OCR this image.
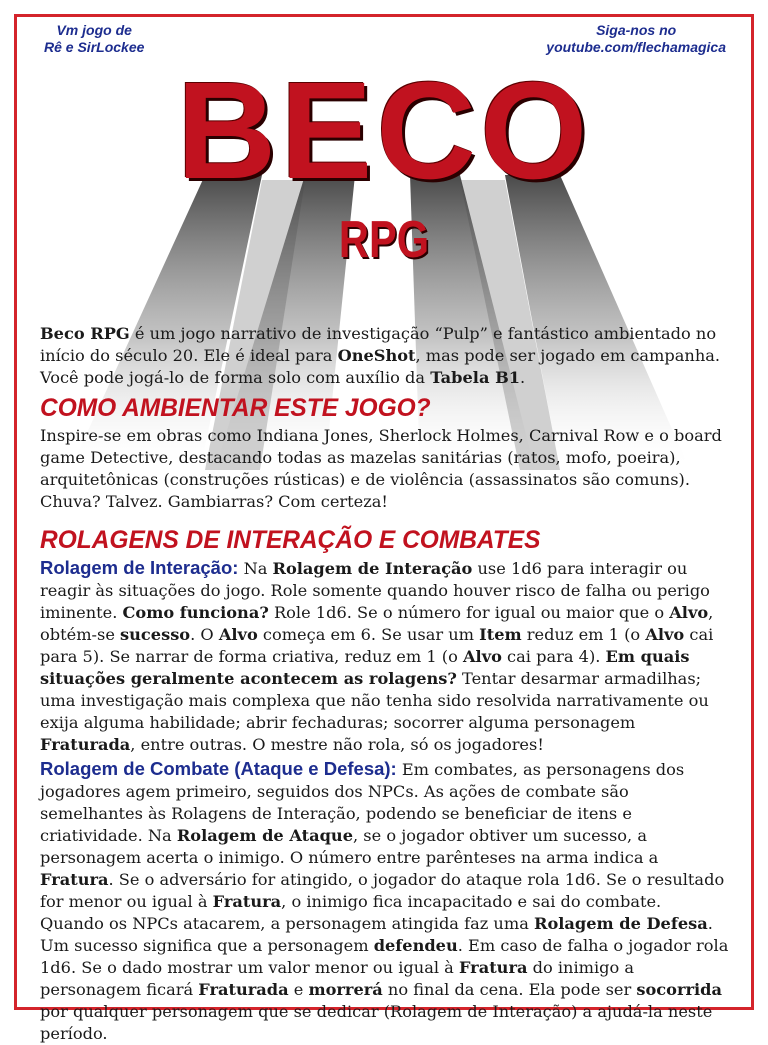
Vm jogo de
Rê e SirLockee
Siga-nos no
youtube.com/flechamagica
BECO
RPG

Beco RPG é um jogo narrativo de investigação “Pulp” e fantástico ambientado no início do século 20. Ele é ideal para OneShot, mas pode ser jogado em campanha. Você pode jogá-lo de forma solo com auxílio da Tabela B1.

COMO AMBIENTAR ESTE JOGO?

Inspire-se em obras como Indiana Jones, Sherlock Holmes, Carnival Row e o board game Detective, destacando todas as mazelas sanitárias (ratos, mofo, poeira), arquitetônicas (construções rústicas) e de violência (assassinatos são comuns). Chuva? Talvez. Gambiarras? Com certeza!

ROLAGENS DE INTERAÇÃO E COMBATES

Rolagem de Interação: Na Rolagem de Interação use 1d6 para interagir ou reagir às situações do jogo. Role somente quando houver risco de falha ou perigo iminente. Como funciona? Role 1d6. Se o número for igual ou maior que o Alvo, obtém-se sucesso. O Alvo começa em 6. Se usar um Item reduz em 1 (o Alvo cai para 5). Se narrar de forma criativa, reduz em 1 (o Alvo cai para 4). Em quais situações geralmente acontecem as rolagens? Tentar desarmar armadilhas; uma investigação mais complexa que não tenha sido resolvida narrativamente ou exija alguma habilidade; abrir fechaduras; socorrer alguma personagem Fraturada, entre outras. O mestre não rola, só os jogadores!

Rolagem de Combate (Ataque e Defesa): Em combates, as personagens dos jogadores agem primeiro, seguidos dos NPCs. As ações de combate são semelhantes às Rolagens de Interação, podendo se beneficiar de itens e criatividade. Na Rolagem de Ataque, se o jogador obtiver um sucesso, a personagem acerta o inimigo. O número entre parênteses na arma indica a Fratura. Se o adversário for atingido, o jogador do ataque rola 1d6. Se o resultado for menor ou igual à Fratura, o inimigo fica incapacitado e sai do combate. Quando os NPCs atacarem, a personagem atingida faz uma Rolagem de Defesa. Um sucesso significa que a personagem defendeu. Em caso de falha o jogador rola 1d6. Se o dado mostrar um valor menor ou igual à Fratura do inimigo a personagem ficará Fraturada e morrerá no final da cena. Ela pode ser socorrida por qualquer personagem que se dedicar (Rolagem de Interação) a ajudá-la neste período.
